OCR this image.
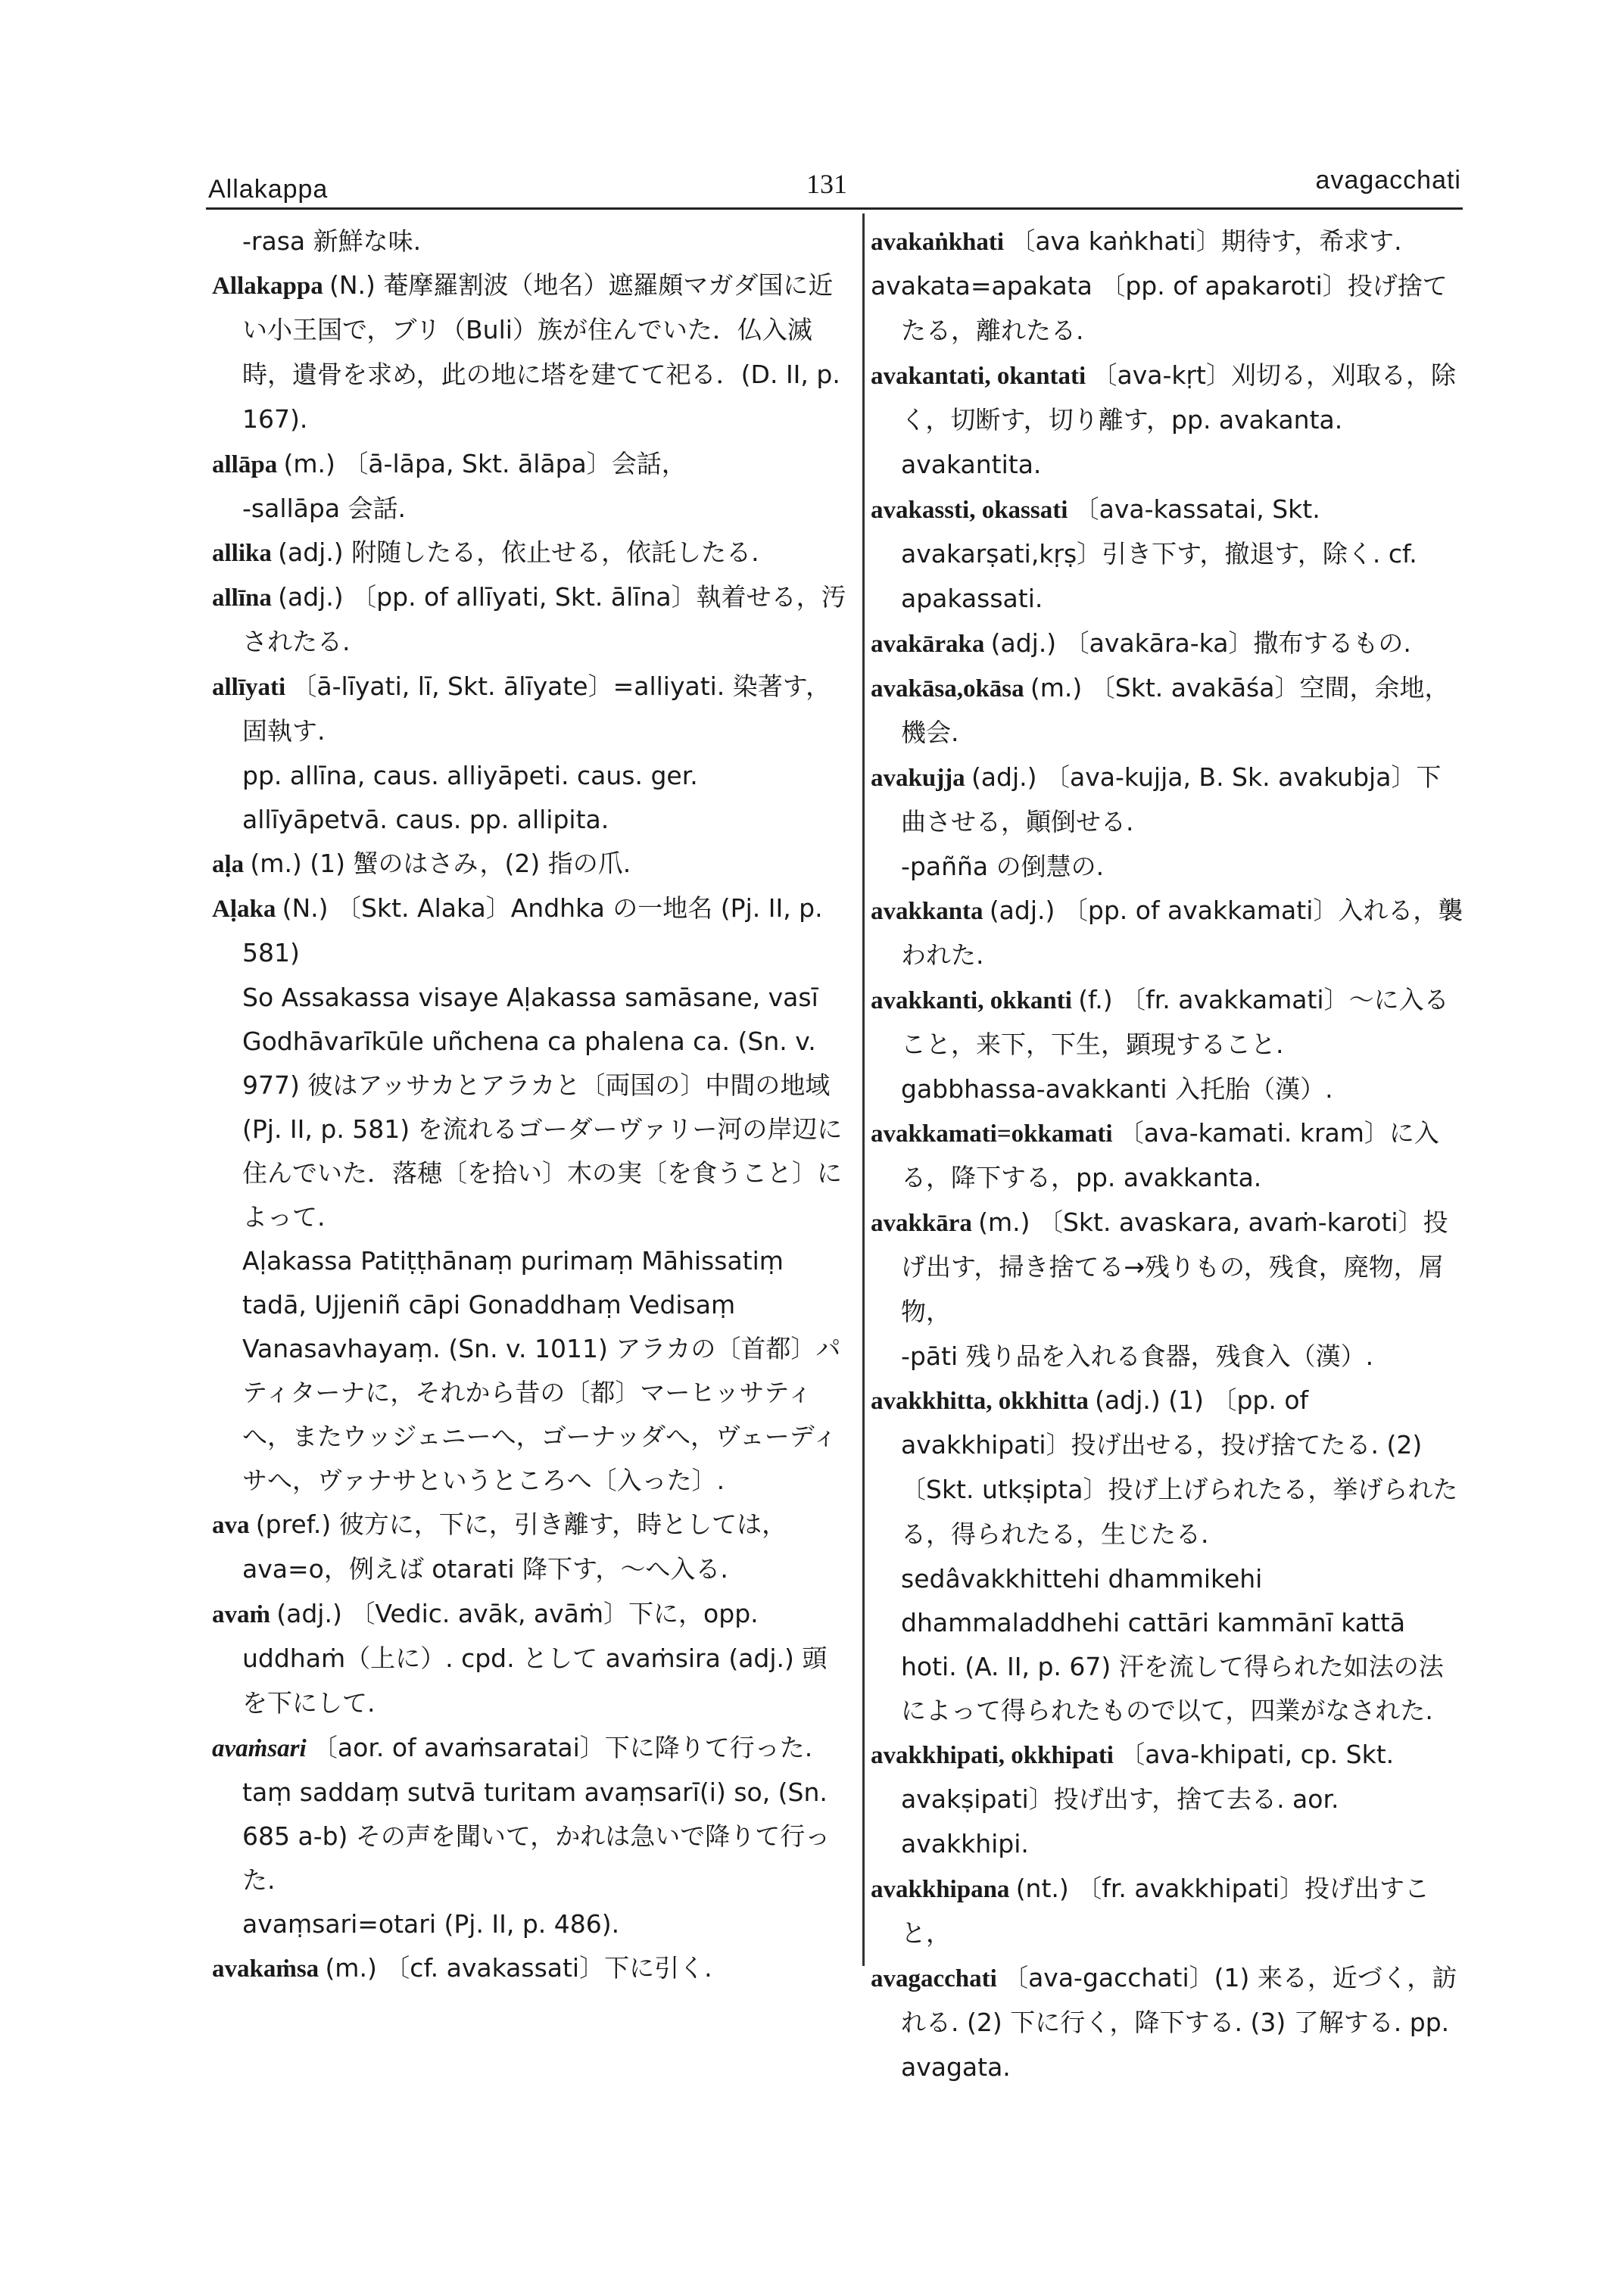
Allakappa	131	avagacchati

-rasa 新鮮な味.

Allakappa (N.) 菴摩羅割波（地名）遮羅頗マガダ国に近い小王国で，ブリ（Buli）族が住んでいた．仏入滅時，遺骨を求め，此の地に塔を建てて祀る．(D. II, p. 167).

allāpa (m.) 〔ā-lāpa, Skt. ālāpa〕会話，

-sallāpa 会話.

allika (adj.) 附随したる，依止せる，依託したる.

allīna (adj.) 〔pp. of allīyati, Skt. ālīna〕執着せる，汚されたる.

allīyati 〔ā-līyati, lī, Skt. ālīyate〕=alliyati. 染著す，固執す.

pp. allīna, caus. alliyāpeti. caus. ger. allīyāpetvā. caus. pp. allipita.

aḷa (m.) (1) 蟹のはさみ，(2) 指の爪.

Aḷaka (N.) 〔Skt. Alaka〕Andhka の一地名 (Pj. II, p. 581)

So Assakassa visaye Aḷakassa samāsane, vasī Godhāvarīkūle uñchena ca phalena ca. (Sn. v. 977) 彼はアッサカとアラカと〔両国の〕中間の地域 (Pj. II, p. 581) を流れるゴーダーヴァリー河の岸辺に住んでいた．落穂〔を拾い〕木の実〔を食うこと〕によって.

Aḷakassa Patiṭṭhānaṃ purimaṃ Māhissatiṃ tadā, Ujjeniñ cāpi Gonaddhaṃ Vedisaṃ Vanasavhayaṃ. (Sn. v. 1011) アラカの〔首都〕パティターナに，それから昔の〔都〕マーヒッサティへ，またウッジェニーへ，ゴーナッダへ，ヴェーディサへ，ヴァナサというところへ〔入った〕.

ava (pref.) 彼方に，下に，引き離す，時としては，ava=o，例えば otarati 降下す，〜へ入る.

avaṁ (adj.) 〔Vedic. avāk, avāṁ〕下に，opp. uddhaṁ（上に）. cpd. として avaṁsira (adj.) 頭を下にして.

avaṁsari 〔aor. of avaṁsaratai〕下に降りて行った.

taṃ saddaṃ sutvā turitam avaṃsarī(i) so, (Sn. 685 a-b) その声を聞いて，かれは急いで降りて行った.

avaṃsari=otari (Pj. II, p. 486).

avakaṁsa (m.) 〔cf. avakassati〕下に引く.

avakaṅkhati 〔ava kaṅkhati〕期待す，希求す.

avakata=apakata 〔pp. of apakaroti〕投げ捨てたる，離れたる.

avakantati, okantati 〔ava-kṛt〕刈切る，刈取る，除く，切断す，切り離す，pp. avakanta. avakantita.

avakassti, okassati 〔ava-kassatai, Skt. avakarṣati,kṛṣ〕引き下す，撤退す，除く. cf. apakassati.

avakāraka (adj.) 〔avakāra-ka〕撒布するもの.

avakāsa,okāsa (m.) 〔Skt. avakāśa〕空間，余地，機会.

avakujja (adj.) 〔ava-kujja, B. Sk. avakubja〕下曲させる，顚倒せる.

-pañña の倒慧の.

avakkanta (adj.) 〔pp. of avakkamati〕入れる，襲われた.

avakkanti, okkanti (f.) 〔fr. avakkamati〕〜に入ること，来下，下生，顕現すること.

gabbhassa-avakkanti 入托胎（漢）.

avakkamati=okkamati 〔ava-kamati. kram〕に入る，降下する，pp. avakkanta.

avakkāra (m.) 〔Skt. avaskara, avaṁ-karoti〕投げ出す，掃き捨てる→残りもの，残食，廃物，屑物，

-pāti 残り品を入れる食器，残食入（漢）.

avakkhitta, okkhitta (adj.) (1) 〔pp. of avakkhipati〕投げ出せる，投げ捨てたる. (2) 〔Skt. utkṣipta〕投げ上げられたる，挙げられたる，得られたる，生じたる.

sedâvakkhittehi dhammikehi dhammaladdhehi cattāri kammānī kattā hoti. (A. II, p. 67) 汗を流して得られた如法の法によって得られたもので以て，四業がなされた.

avakkhipati, okkhipati 〔ava-khipati, cp. Skt. avakṣipati〕投げ出す，捨て去る. aor. avakkhipi.

avakkhipana (nt.) 〔fr. avakkhipati〕投げ出すこと，

avagacchati 〔ava-gacchati〕(1) 来る，近づく，訪れる. (2) 下に行く，降下する. (3) 了解する. pp. avagata.
